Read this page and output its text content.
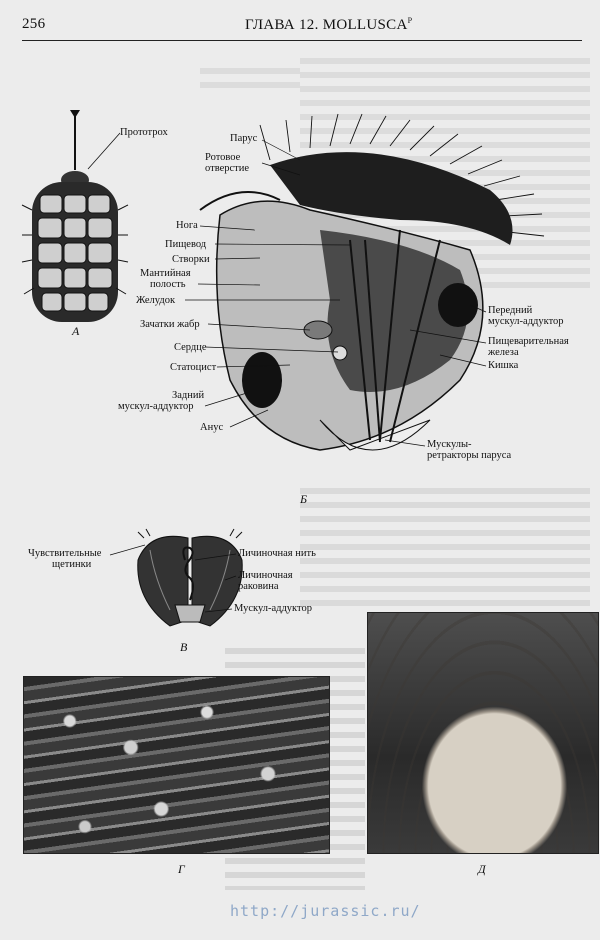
256	ГЛАВА 12. $MOLLUSCA^P$
Прототрох
А
Парус
Ротовое
отверстие
Нога
Пищевод
Створки
Мантийная
полость
Желудок
Зачатки жабр
Сердце
Статоцист
Задний
мускул-аддуктор
Анус
Передний
мускул-аддуктор
Пищеварительная
железа
Кишка
Мускулы-
ретракторы паруса
Б
Чувствительные
щетинки
Личиночная нить
Личиночная
раковина
Мускул-аддуктор
В
Г	Д
http://jurassic.ru/
